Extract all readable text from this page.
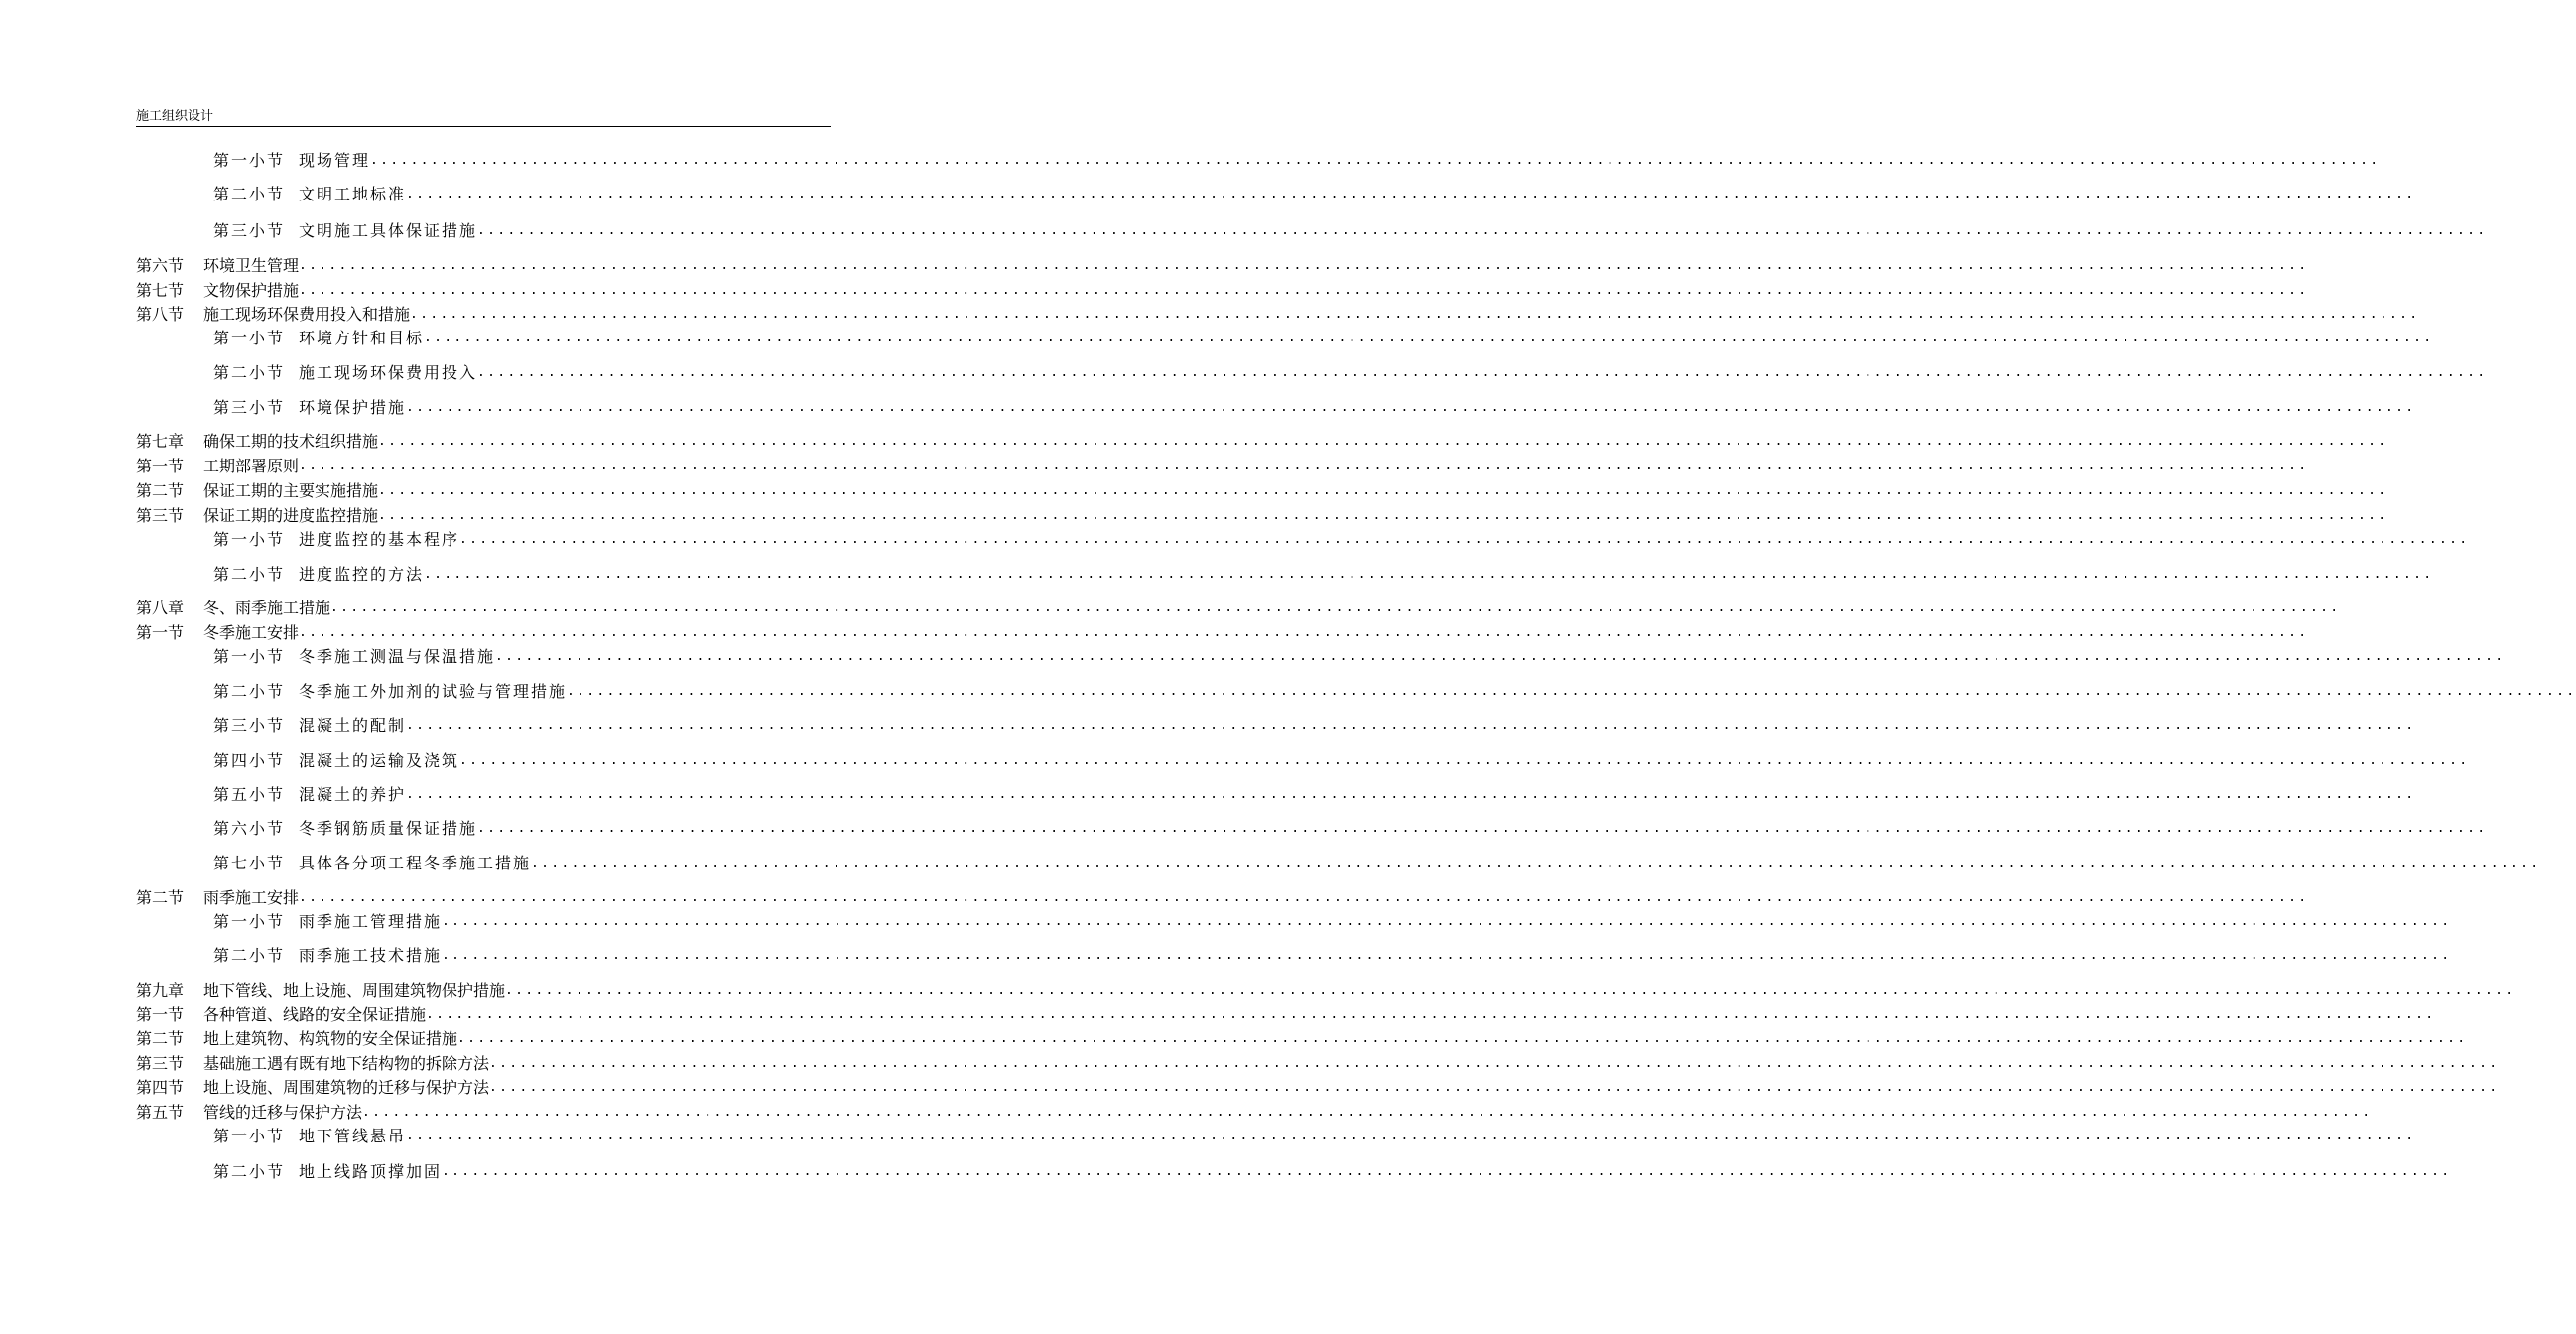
施工组织设计
第一小节 现场管理 ........................................................................................................................................................................................................
第二小节 文明工地标准 ........................................................................................................................................................................................................
第三小节 文明施工具体保证措施 ........................................................................................................................................................................................................
第六节	环境卫生管理 ........................................................................................................................................................................................................
第七节	文物保护措施 ........................................................................................................................................................................................................
第八节	施工现场环保费用投入和措施 ........................................................................................................................................................................................................
第一小节 环境方针和目标 ........................................................................................................................................................................................................
第二小节 施工现场环保费用投入 ........................................................................................................................................................................................................
第三小节 环境保护措施 ........................................................................................................................................................................................................
第七章	确保工期的技术组织措施 ........................................................................................................................................................................................................
第一节	工期部署原则 ........................................................................................................................................................................................................
第二节	保证工期的主要实施措施 ........................................................................................................................................................................................................
第三节	保证工期的进度监控措施 ........................................................................................................................................................................................................
第一小节 进度监控的基本程序 ........................................................................................................................................................................................................
第二小节 进度监控的方法 ........................................................................................................................................................................................................
第八章	冬、雨季施工措施 ........................................................................................................................................................................................................
第一节	冬季施工安排 ........................................................................................................................................................................................................
第一小节 冬季施工测温与保温措施 ........................................................................................................................................................................................................
第二小节 冬季施工外加剂的试验与管理措施 ........................................................................................................................................................................................................
第三小节 混凝土的配制 ........................................................................................................................................................................................................
第四小节 混凝土的运输及浇筑 ........................................................................................................................................................................................................
第五小节 混凝土的养护 ........................................................................................................................................................................................................
第六小节 冬季钢筋质量保证措施 ........................................................................................................................................................................................................
第七小节 具体各分项工程冬季施工措施 ........................................................................................................................................................................................................
第二节	雨季施工安排 ........................................................................................................................................................................................................
第一小节 雨季施工管理措施 ........................................................................................................................................................................................................
第二小节 雨季施工技术措施 ........................................................................................................................................................................................................
第九章	地下管线、地上设施、周围建筑物保护措施 ........................................................................................................................................................................................................
第一节	各种管道、线路的安全保证措施 ........................................................................................................................................................................................................
第二节	地上建筑物、构筑物的安全保证措施 ........................................................................................................................................................................................................
第三节	基础施工遇有既有地下结构物的拆除方法 ........................................................................................................................................................................................................
第四节	地上设施、周围建筑物的迁移与保护方法 ........................................................................................................................................................................................................
第五节	管线的迁移与保护方法 ........................................................................................................................................................................................................
第一小节 地下管线悬吊 ........................................................................................................................................................................................................
第二小节 地上线路顶撑加固 ........................................................................................................................................................................................................
